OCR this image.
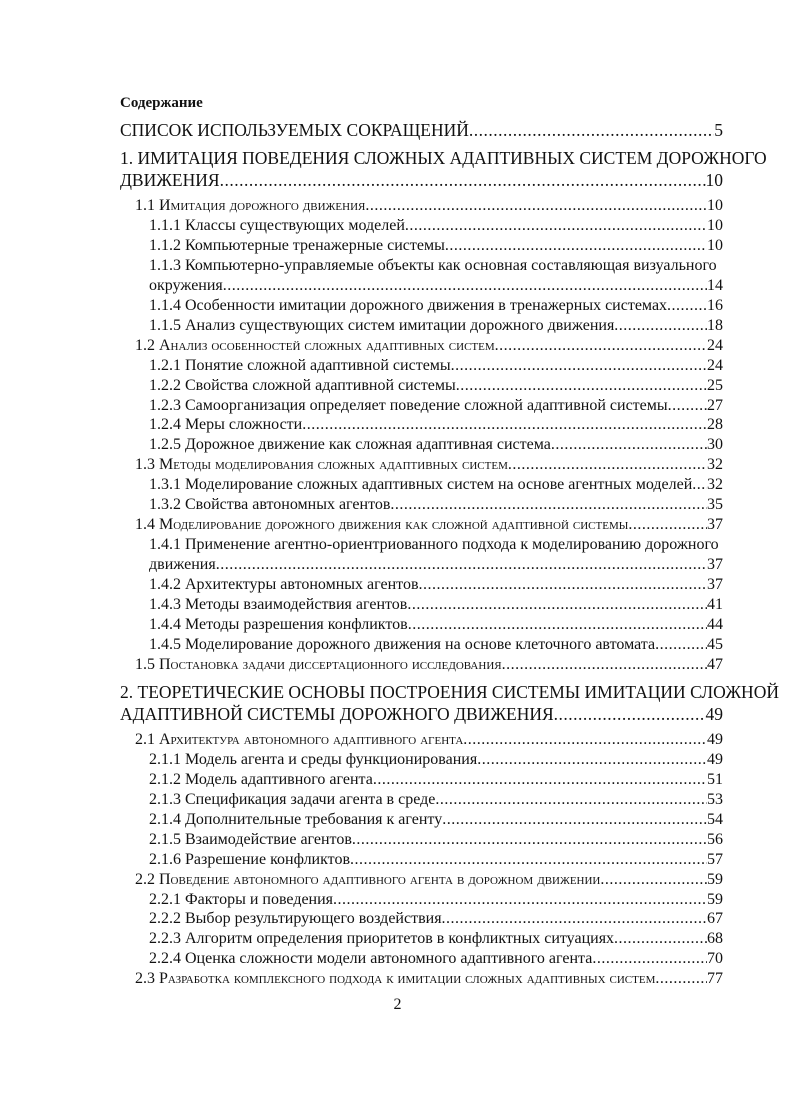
Содержание
СПИСОК ИСПОЛЬЗУЕМЫХ СОКРАЩЕНИЙ .....	5
1. ИМИТАЦИЯ ПОВЕДЕНИЯ СЛОЖНЫХ АДАПТИВНЫХ СИСТЕМ ДОРОЖНОГО
ДВИЖЕНИЯ .....	10
1.1 Имитация дорожного движения .....	10
1.1.1 Классы существующих моделей .....	10
1.1.2 Компьютерные тренажерные системы .....	10
1.1.3 Компьютерно-управляемые объекты как основная составляющая визуального
окружения .....	14
1.1.4 Особенности имитации дорожного движения в тренажерных системах ..... 16
1.1.5 Анализ существующих систем имитации дорожного движения .....	18
1.2 Анализ особенностей сложных адаптивных систем .....	24
1.2.1 Понятие сложной адаптивной системы .....	24
1.2.2 Свойства сложной адаптивной системы .....	25
1.2.3 Самоорганизация определяет поведение сложной адаптивной системы ..... 27
1.2.4 Меры сложности .....	28
1.2.5 Дорожное движение как сложная адаптивная система .....	30
1.3 Методы моделирования сложных адаптивных систем .....	32
1.3.1 Моделирование сложных адаптивных систем на основе агентных моделей ..... 32
1.3.2 Свойства автономных агентов .....	35
1.4 Моделирование дорожного движения как сложной адаптивной системы .....	37
1.4.1 Применение агентно-ориентриованного подхода к моделированию дорожного
движения .....	37
1.4.2 Архитектуры автономных агентов .....	37
1.4.3 Методы взаимодействия агентов .....	41
1.4.4 Методы разрешения конфликтов .....	44
1.4.5 Моделирование дорожного движения на основе клеточного автомата .....	45
1.5 Постановка задачи диссертационного исследования .....	47
2. ТЕОРЕТИЧЕСКИЕ ОСНОВЫ ПОСТРОЕНИЯ СИСТЕМЫ ИМИТАЦИИ СЛОЖНОЙ
АДАПТИВНОЙ СИСТЕМЫ ДОРОЖНОГО ДВИЖЕНИЯ .....	49
2.1 Архитектура автономного адаптивного агента .....	49
2.1.1 Модель агента и среды функционирования .....	49
2.1.2 Модель адаптивного агента .....	51
2.1.3 Спецификация задачи агента в среде .....	53
2.1.4 Дополнительные требования к агенту .....	54
2.1.5 Взаимодействие агентов .....	56
2.1.6 Разрешение конфликтов .....	57
2.2 Поведение автономного адаптивного агента в дорожном движении .....	59
2.2.1 Факторы и поведения .....	59
2.2.2 Выбор результирующего воздействия .....	67
2.2.3 Алгоритм определения приоритетов в конфликтных ситуациях .....	68
2.2.4 Оценка сложности модели автономного адаптивного агента .....	70
2.3 Разработка комплексного подхода к имитации сложных адаптивных систем .....	77
2
